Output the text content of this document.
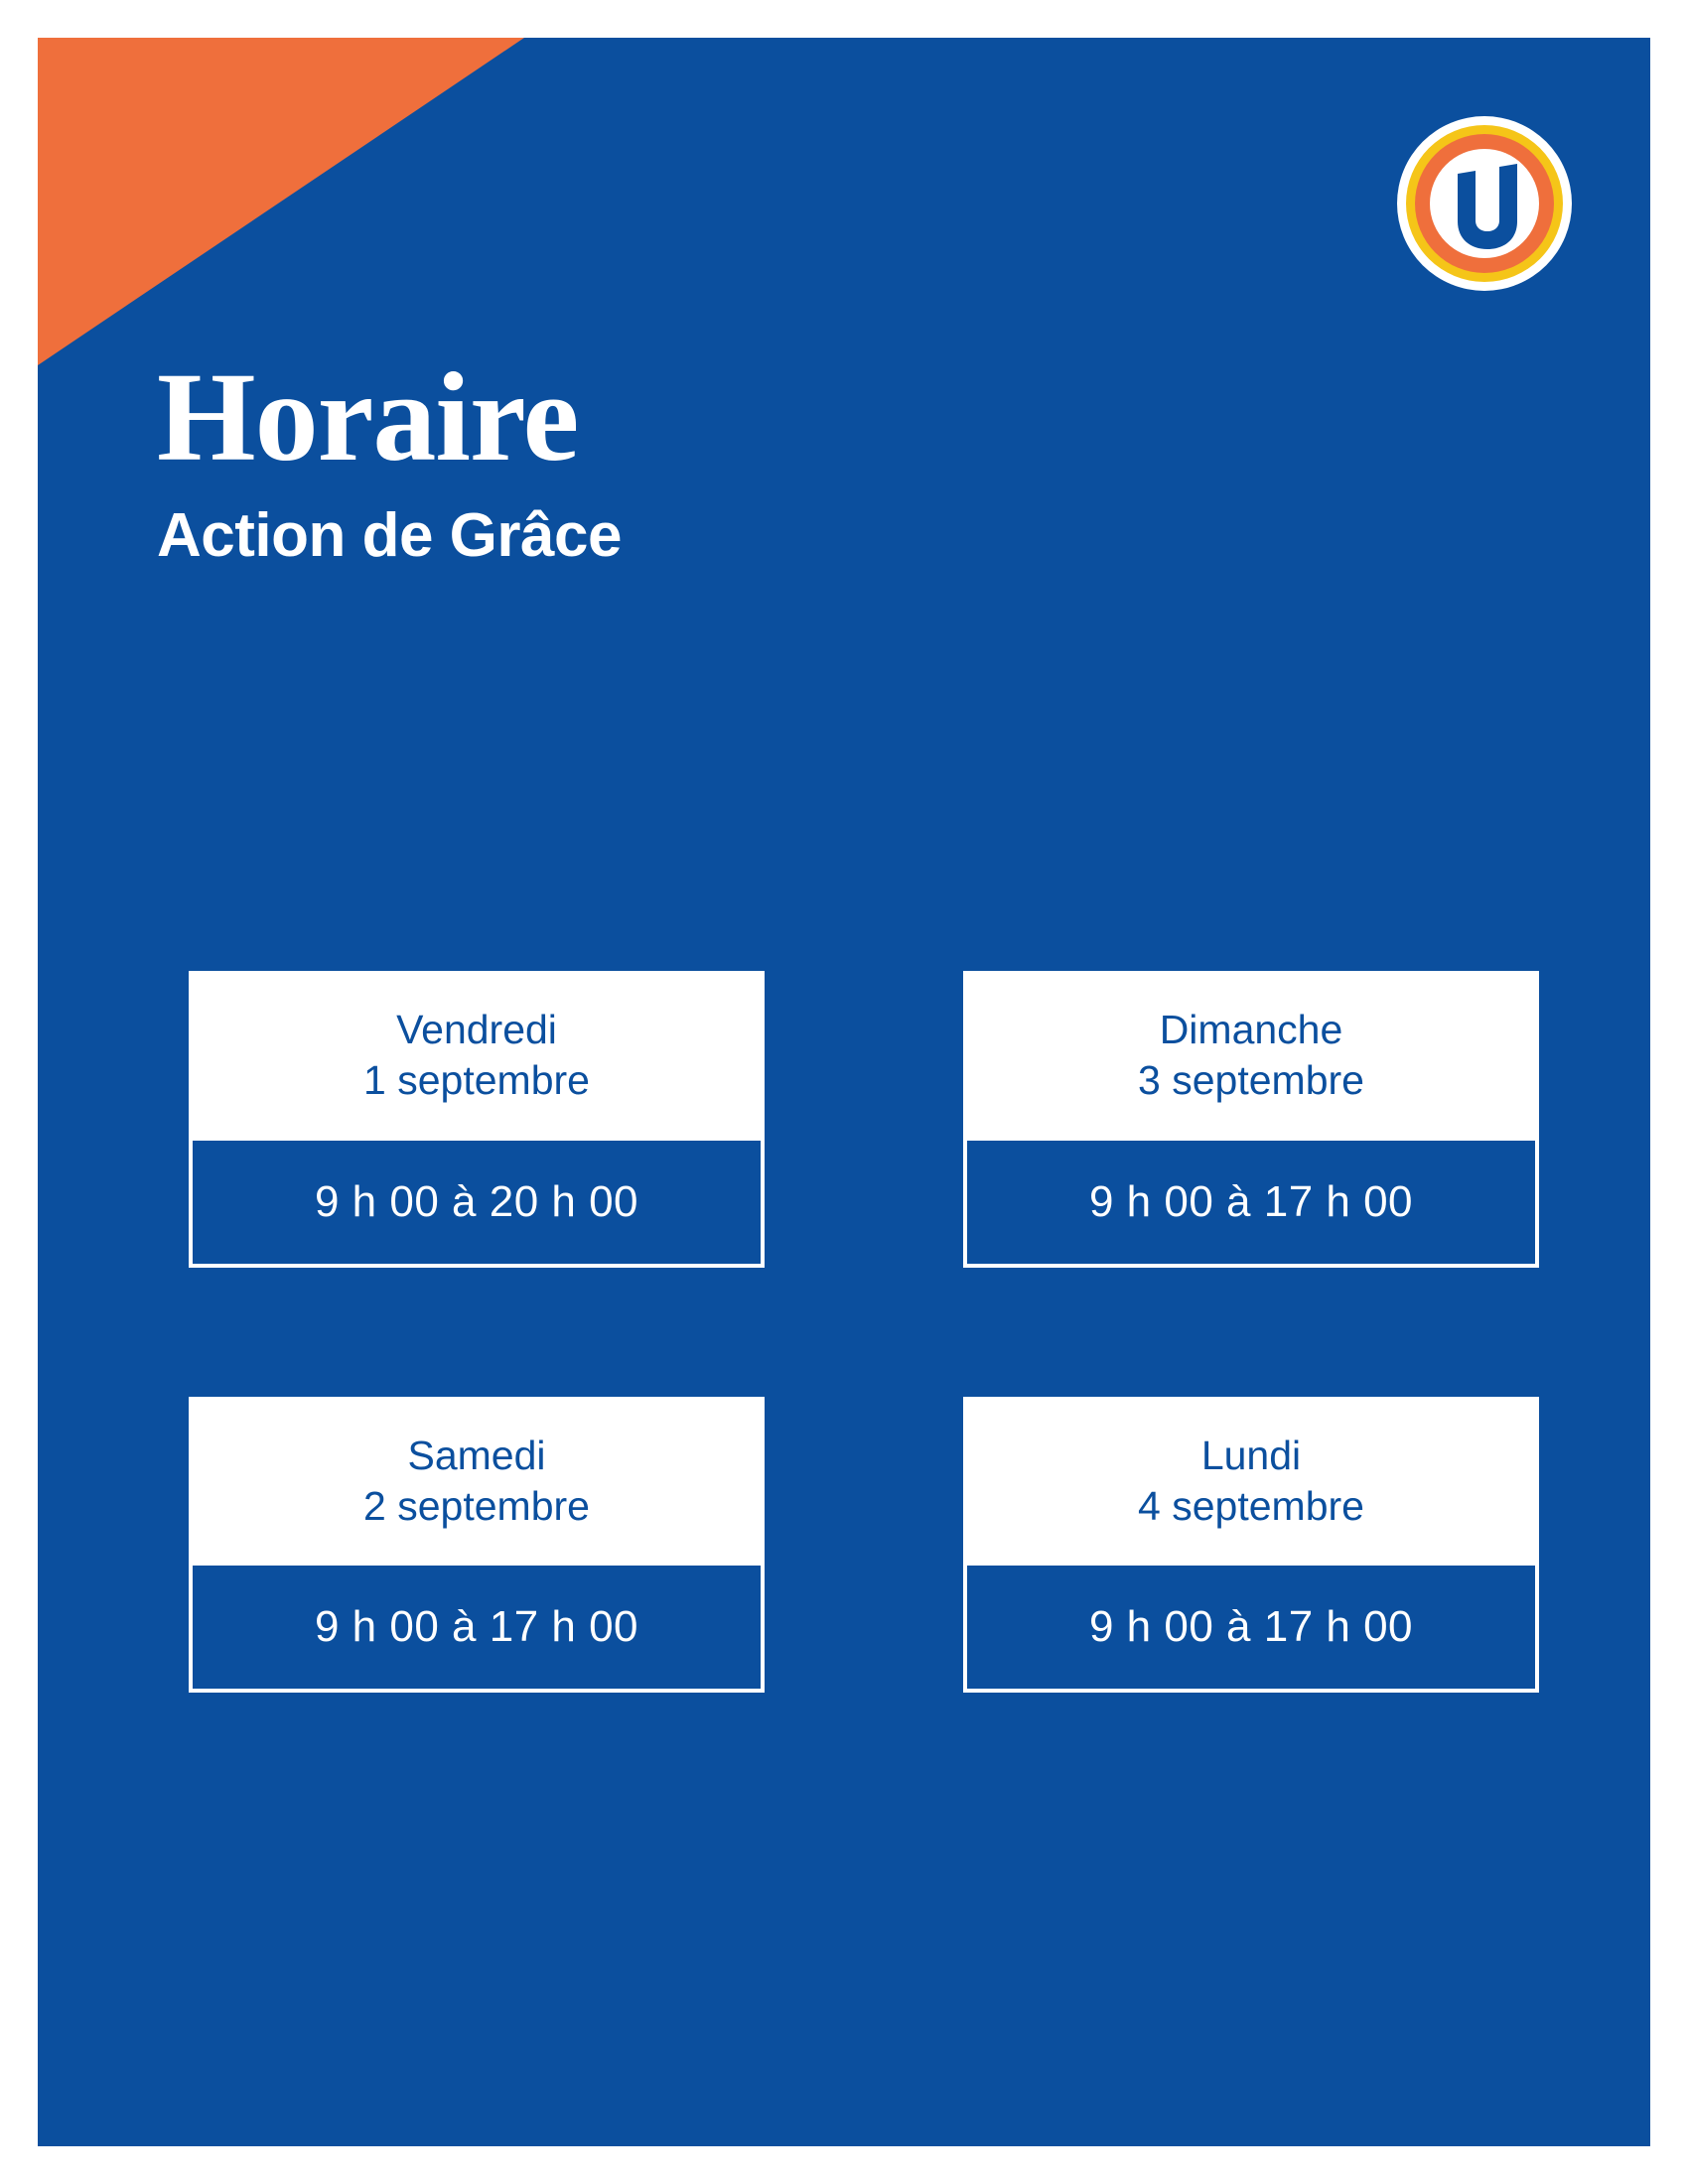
Horaire
Action de Grâce
Vendredi
1 septembre
9 h 00 à 20 h 00
Dimanche
3 septembre
9 h 00 à 17 h 00
Samedi
2 septembre
9 h 00 à 17 h 00
Lundi
4 septembre
9 h 00 à 17 h 00
